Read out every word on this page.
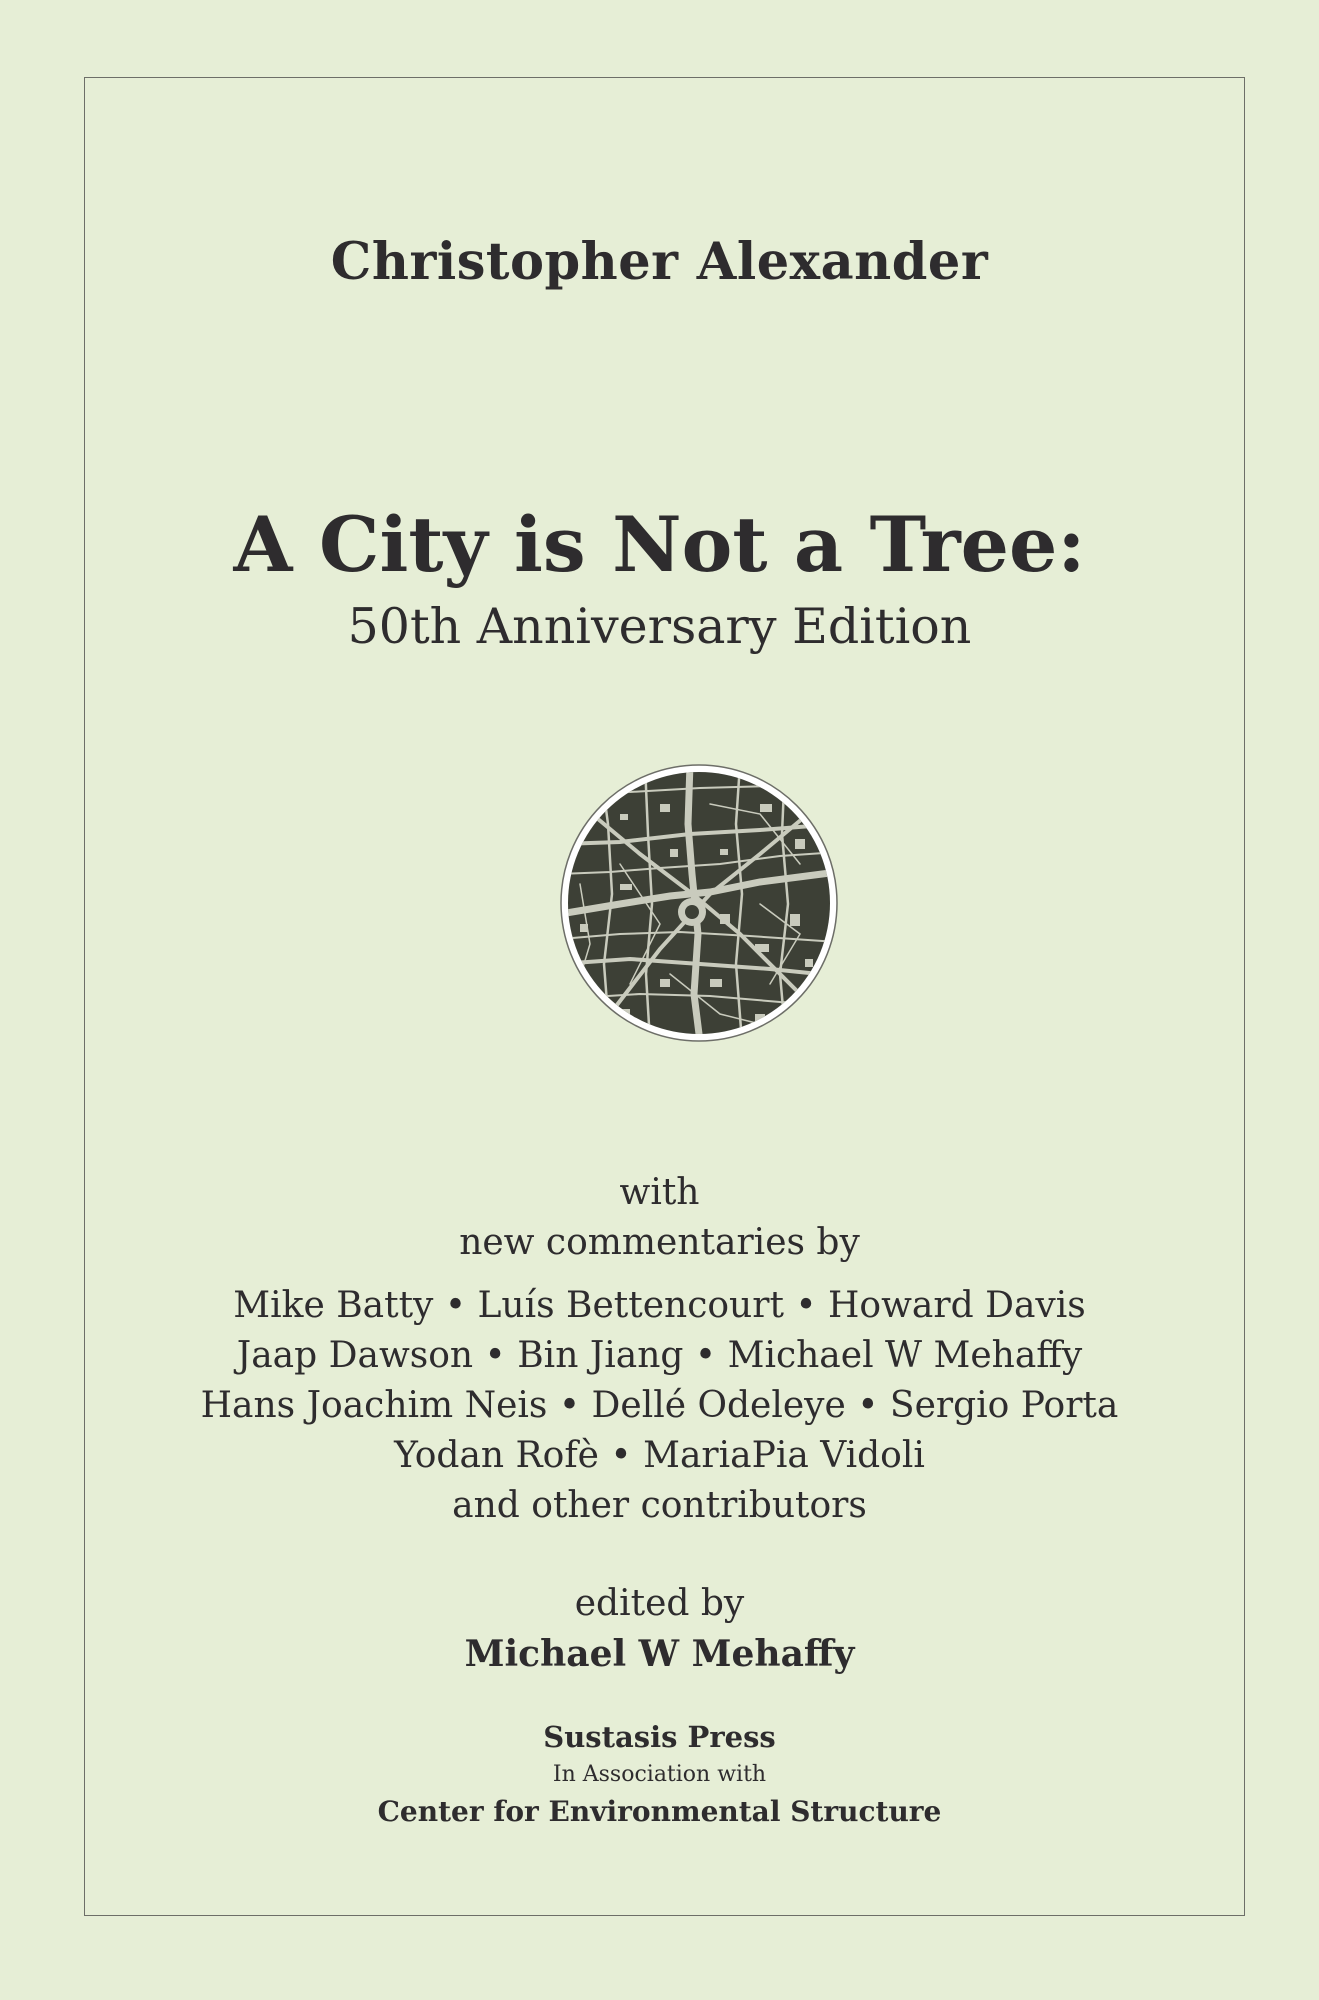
Christopher Alexander
A City is Not a Tree:
50th Anniversary Edition
with
new commentaries by
Mike Batty • Luís Bettencourt • Howard Davis
Jaap Dawson • Bin Jiang • Michael W Mehaffy
Hans Joachim Neis • Dellé Odeleye • Sergio Porta
Yodan Rofè • MariaPia Vidoli
and other contributors
edited by
Michael W Mehaffy
Sustasis Press
In Association with
Center for Environmental Structure
